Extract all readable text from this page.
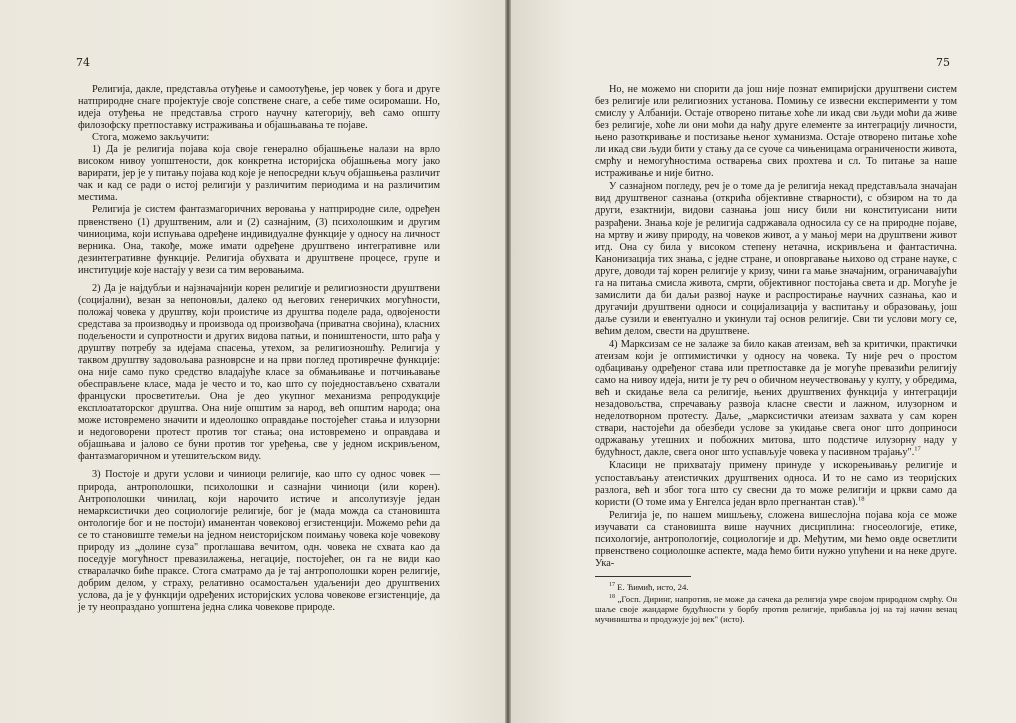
74

Религија, дакле, представља отуђење и самоотуђење, јер човек у бога и друге натприродне снаге пројектује своје сопствене снаге, а себе тиме осиромаши. Но, идеја отуђења не представља строго научну категорију, већ само општу филозофску претпоставку истраживања и објашњавања те појаве.

Стога, можемо закључити:

1) Да је религија појава која своје генерално објашњење налази на врло високом нивоу уопштености, док конкретна историјска објашњења могу јако варирати, јер је у питању појава код које је непосредни кључ објашњења различит чак и кад се ради о истој религији у различитим периодима и на различитим местима.

Религија је систем фантазмагоричних веровања у натприродне силе, одређен првенствено (1) друштвеним, али и (2) сазнајним, (3) психолошким и другим чиниоцима, који испуњава одређене индивидуалне функције у односу на личност верника. Она, такође, може имати одређене друштвено интегративне или дезинтегративне функције. Религија обухвата и друштвене процесе, групе и институције које настају у вези са тим веровањима.

2) Да је најдубљи и најзначајнији корен религије и религиозности друштвени (социјални), везан за непоновљи, далеко од његових генеричких могућности, положај човека у друштву, који проистиче из друштва поделе рада, одвојености средстава за производњу и производа од произвођача (приватна својина), класних подељености и супротности и других видова патњи, и поништености, што рађа у друштву потребу за идејама спасења, утехом, за религиозношћу. Религија у таквом друштву задовољава разноврсне и на први поглед противречне функције: она није само пуко средство владајуће класе за обмањивање и потчињавање обесправљене класе, мада је често и то, као што су поједностављено схватали француски просветитељи. Она је део укупног механизма репродукције експлоататорског друштва. Она није општим за народ, већ општим народа; она може истовремено значити и идеолошко оправдање постојећег стања и илузорни и недоговорени протест против тог стања; она истовремено и оправдава и објашњава и јалово се буни против тог уређења, све у једном искривљеном, фантазмагоричном и утешитељском виду.

3) Постоје и други услови и чиниоци религије, као што су однос човек — природа, антрополошки, психолошки и сазнајни чиниоци (или корен). Антрополошки чинилац, који нарочито истиче и апсолутизује један немарксистички део социологије религије, бог је (мада можда са становишта онтологије бог и не постоји) иманентан човековој егзистенцији. Можемо рећи да се то становиште темељи на једном неисторијском поимању човека које човекову природу из „долине суза" проглашава вечитом, одн. човека не схвата као да поседује могућност превазилажења, негације, постојећег, он га не види као стваралачко биће праксе. Стога сматрамо да је тај антрополошки корен религије, добрим делом, у страху, релативно осамостаљен удаљенији део друштвених услова, да је у функцији одређених историјских услова човекове егзистенције, да је ту неопраздано уопштена једна слика човекове природе.

75

Но, не можемо ни спорити да још није познат емпиријски друштвени систем без религије или религиозних установа. Помињу се извесни експерименти у том смислу у Албанији. Остаје отворено питање хоће ли икад сви људи моћи да живе без религије, хоће ли они моћи да нађу друге елементе за интеграцију личности, њено разоткривање и постизање њеног хуманизма. Остаје отворено питање хоће ли икад сви људи бити у стању да се суоче са чињеницама ограничености живота, смрћу и немогућностима остварења свих прохтева и сл. То питање за наше истраживање и није битно.

У сазнајном погледу, реч је о томе да је религија некад представљала значајан вид друштвеног сазнања (открића објективне стварности), с обзиром на то да други, езактнији, видови сазнања још нису били ни конституисани нити разрађени. Знања које је религија садржавала односила су се на природне појаве, на мртву и живу природу, на човеков живот, а у мањој мери на друштвени живот итд. Она су била у високом степену нетачна, искривљена и фантастична. Канонизација тих знања, с једне стране, и оповргавање њихово од стране науке, с друге, доводи тај корен религије у кризу, чини га мање значајним, ограничавајући га на питања смисла живота, смрти, објективног постојања света и др. Могуће је замислити да би даљи развој науке и распростирање научних сазнања, као и другачији друштвени односи и социјализација у васпитању и образовању, још даље сузили и евентуално и укинули тај основ религије. Сви ти услови могу се, већим делом, свести на друштвене.

4) Марксизам се не залаже за било какав атеизам, већ за критички, практички атеизам који је оптимистички у односу на човека. Ту није реч о простом одбацивању одређеног става или претпоставке да је могуће превазићи религију само на нивоу идеја, нити је ту реч о обичном неучествовању у култу, у обредима, већ и скидање вела са религије, њених друштвених функција у интеграцији незадовољства, спречавању развоја класне свести и лажном, илузорном и неделотворном протесту. Даље, „марксистички атеизам захвата у сам корен ствари, настојећи да обезбеди услове за укидање свега оног што доприноси одржавању утешних и побожних митова, што подстиче илузорну наду у будућност, дакле, свега оног што успављује човека у пасивном трајању".$^{17}$

Класици не прихватају примену принуде у искорењивању религије и успостављању атеистичких друштвених односа. И то не само из теоријских разлога, већ и због тога што су свесни да то може религији и цркви само да користи (О томе има у Енгелса један врло прегнантан став).$^{18}$

Религија је, по нашем мишљењу, сложена вишеслојна појава која се може изучавати са становишта више научних дисциплина: гносеологије, етике, психологије, антропологије, социологије и др. Међутим, ми ћемо овде осветлити првенствено социолошке аспекте, мада ћемо бити нужно упућени и на неке друге. Ука-

$^{17}$ Е. Ћимић, исто, 24.

$^{18}$ „Госп. Диринг, напротив, не може да сачека да религија умре својом природном смрћу. Он шаље своје жандарме будућности у борбу против религије, прибавља јој на тај начин венац мучиништва и продужује јој век" (исто).
